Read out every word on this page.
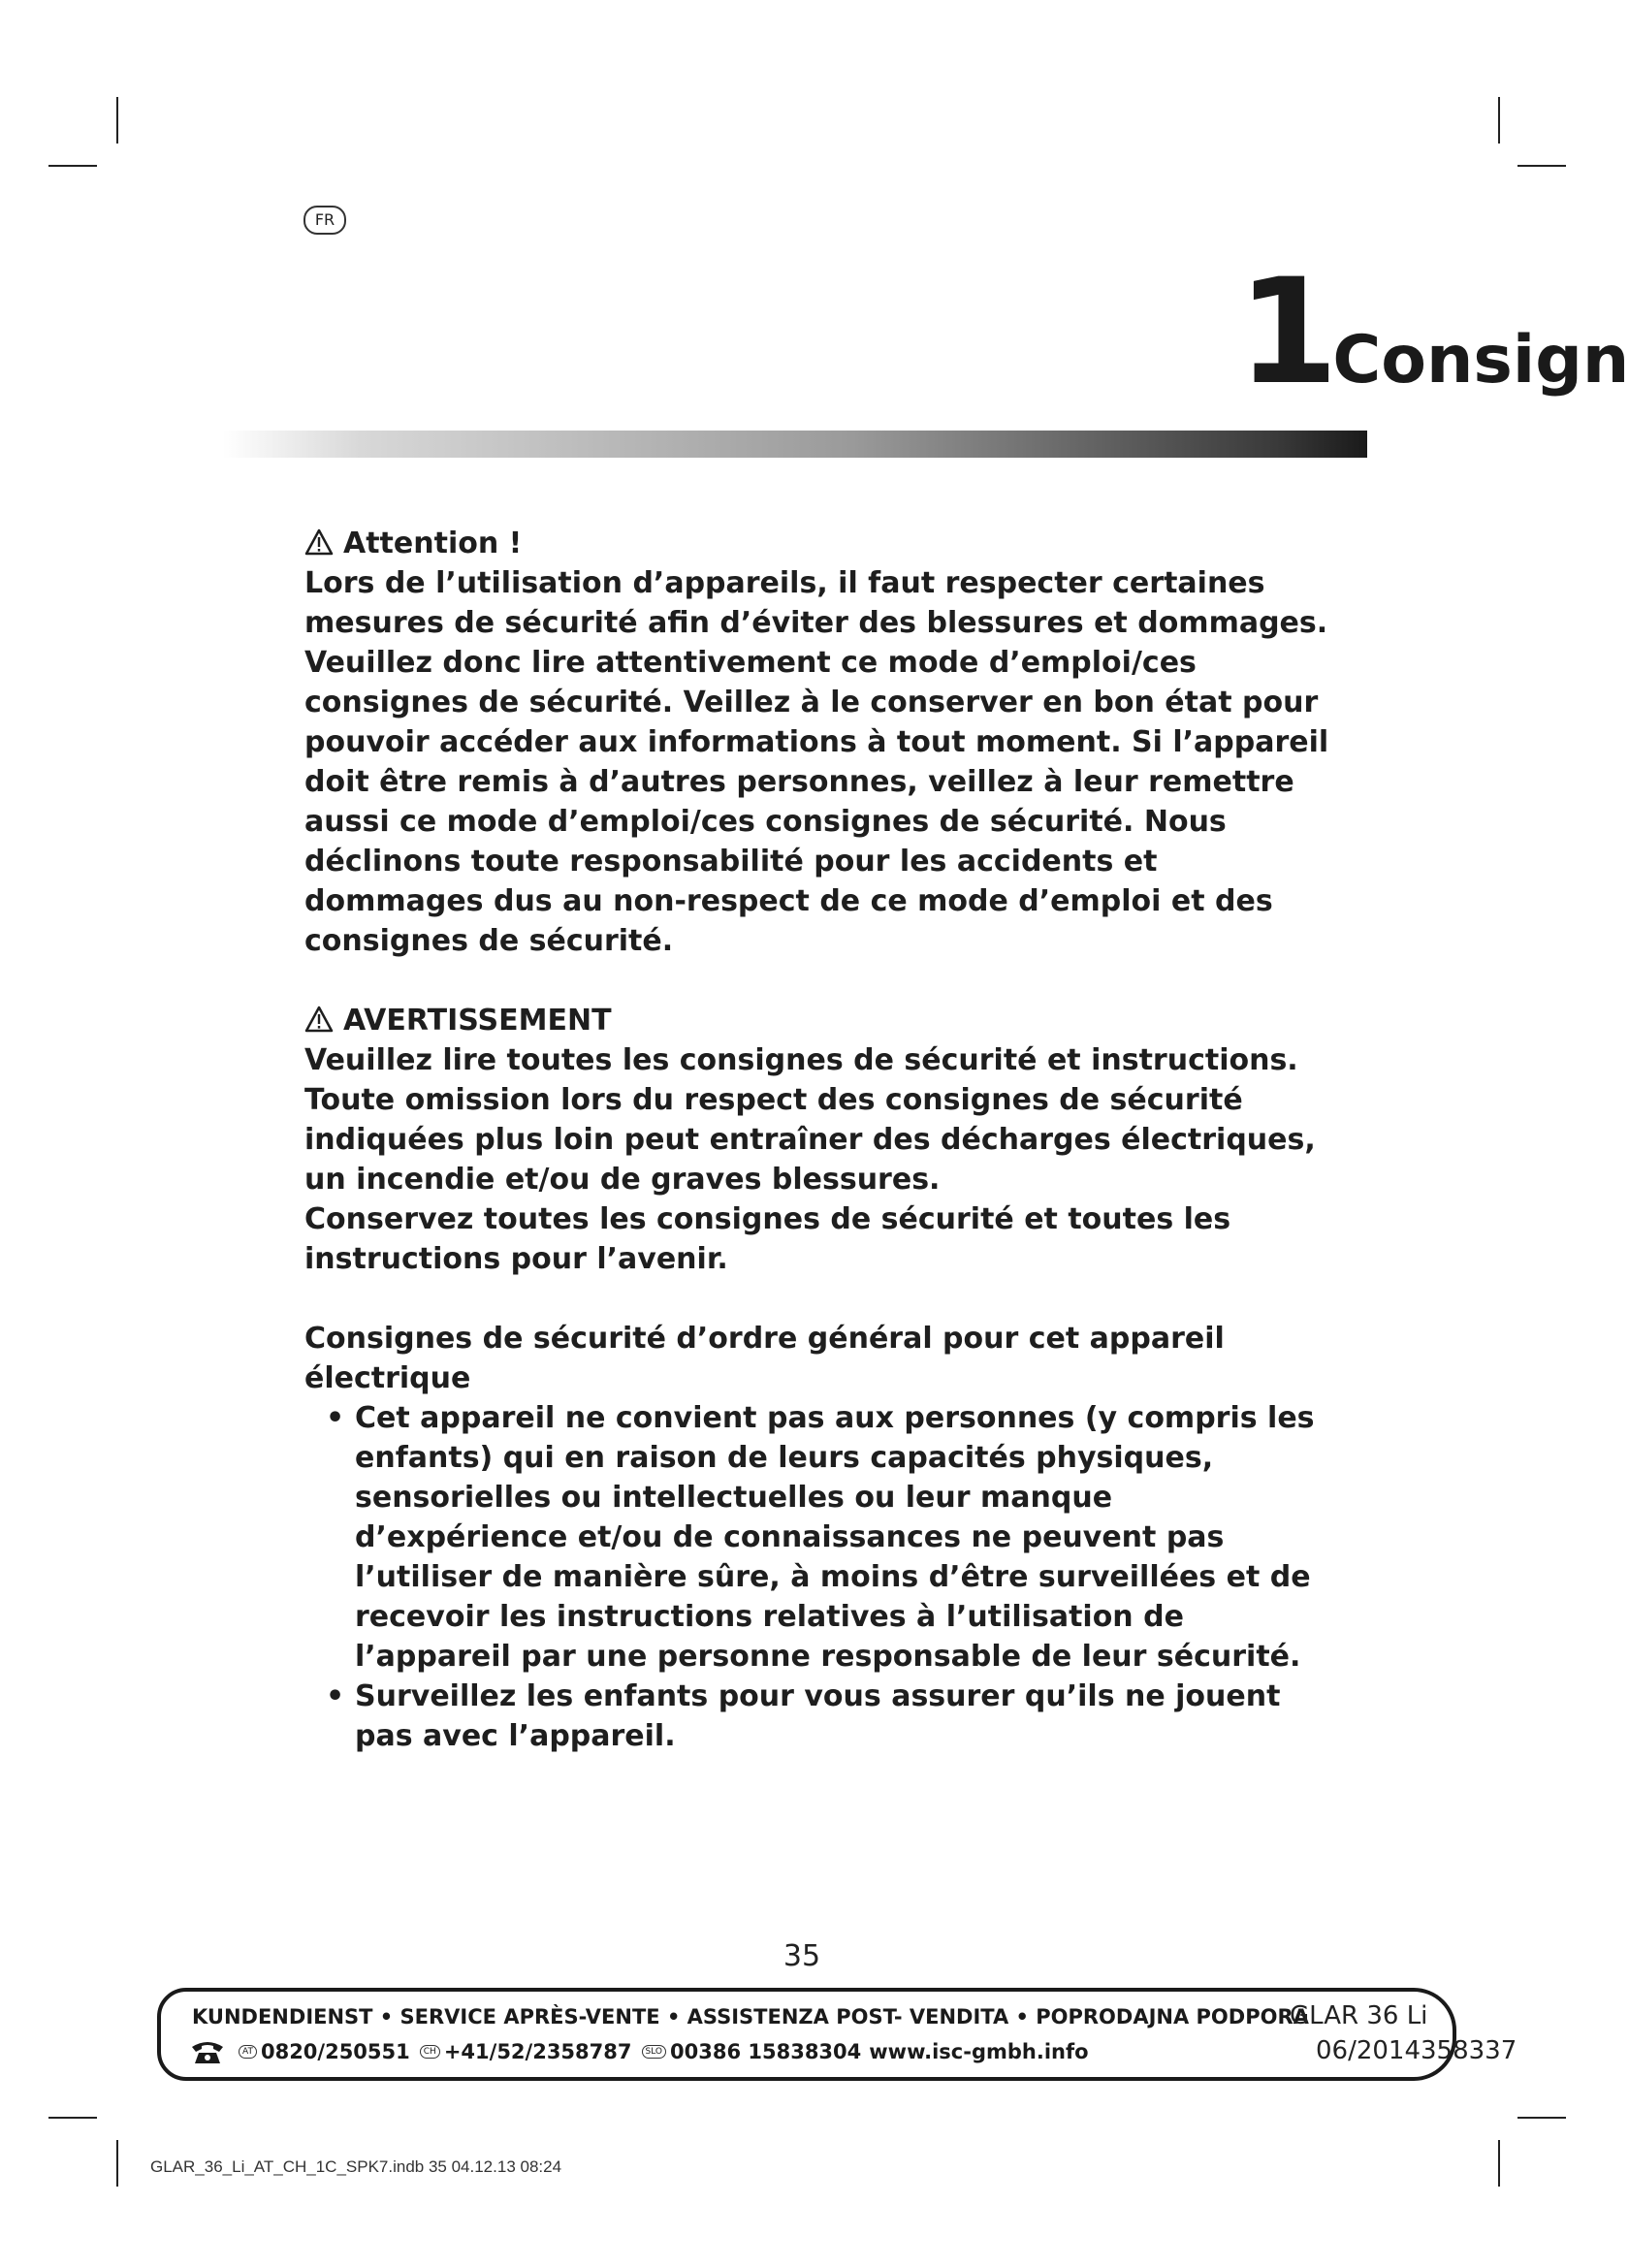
FR
1Consign
Attention !

Lors de l’utilisation d’appareils, il faut respecter certaines mesures de sécurité afin d’éviter des blessures et dommages. Veuillez donc lire attentivement ce mode d’emploi/ces consignes de sécurité. Veillez à le conserver en bon état pour pouvoir accéder aux informations à tout moment. Si l’appareil doit être remis à d’autres personnes, veillez à leur remettre aussi ce mode d’emploi/ces consignes de sécurité. Nous déclinons toute responsabilité pour les accidents et dommages dus au non-respect de ce mode d’emploi et des consignes de sécurité.

AVERTISSEMENT

Veuillez lire toutes les consignes de sécurité et instructions. Toute omission lors du respect des consignes de sécurité indiquées plus loin peut entraîner des décharges électriques, un incendie et/ou de graves blessures.

Conservez toutes les consignes de sécurité et toutes les instructions pour l’avenir.

Consignes de sécurité d’ordre général pour cet appareil électrique

• Cet appareil ne convient pas aux personnes (y compris les enfants) qui en raison de leurs capacités physiques, sensorielles ou intellectuelles ou leur manque d’expérience et/ou de connaissances ne peuvent pas l’utiliser de manière sûre, à moins d’être surveillées et de recevoir les instructions relatives à l’utilisation de l’appareil par une personne responsable de leur sécurité.
• Surveillez les enfants pour vous assurer qu’ils ne jouent pas avec l’appareil.
35
KUNDENDIENST • SERVICE APRÈS-VENTE • ASSISTENZA POST- VENDITA • POPRODAJNA PODPORA
AT 0820/250551	CH +41/52/2358787	SLO 00386 15838304 www.isc-gmbh.info
GLAR 36 Li
06/2014358337
GLAR_36_Li_AT_CH_1C_SPK7.indb 35 04.12.13 08:24
